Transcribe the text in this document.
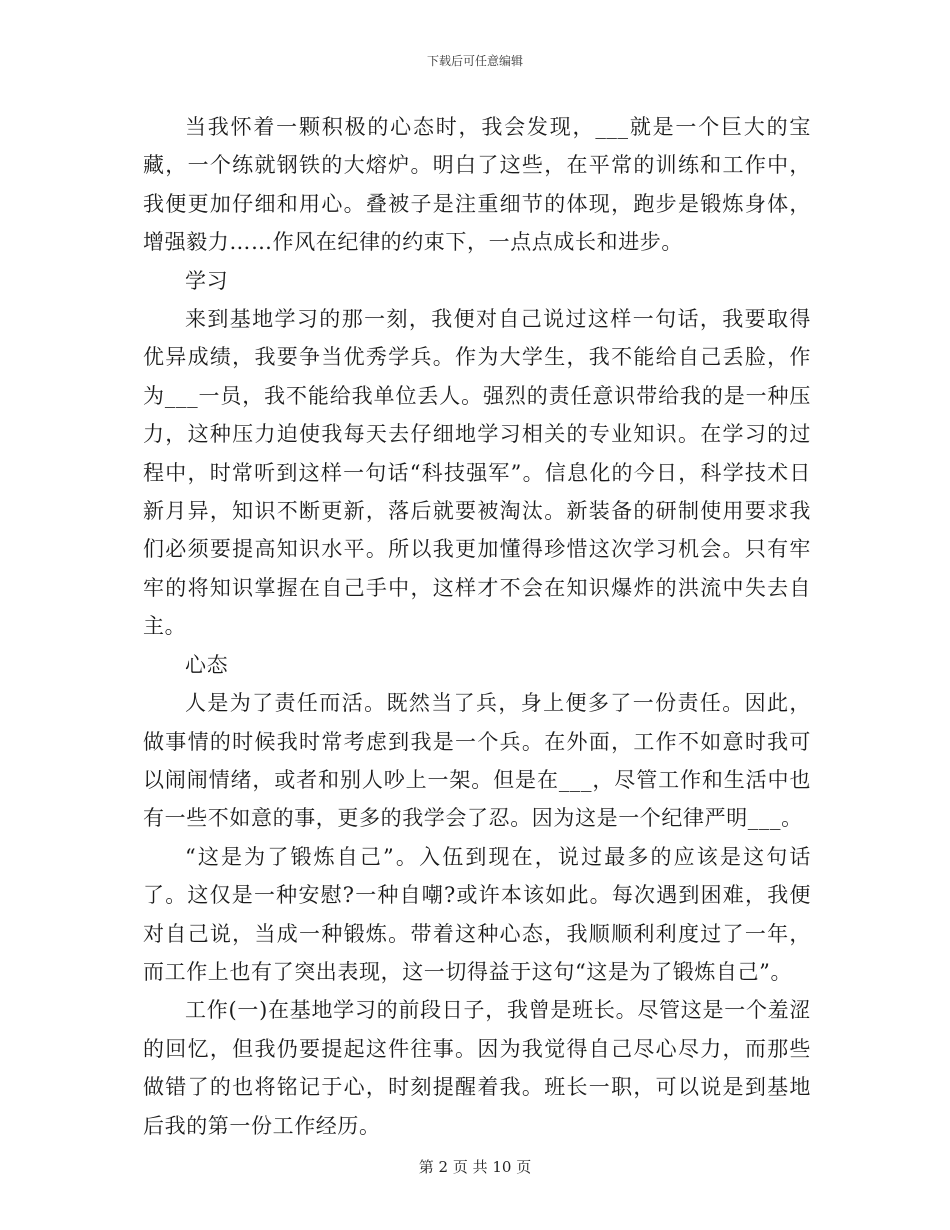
下载后可任意编辑

当我怀着一颗积极的心态时，我会发现，___就是一个巨大的宝藏，一个练就钢铁的大熔炉。明白了这些，在平常的训练和工作中，我便更加仔细和用心。叠被子是注重细节的体现，跑步是锻炼身体，增强毅力……作风在纪律的约束下，一点点成长和进步。

学习

来到基地学习的那一刻，我便对自己说过这样一句话，我要取得优异成绩，我要争当优秀学兵。作为大学生，我不能给自己丢脸，作为___一员，我不能给我单位丢人。强烈的责任意识带给我的是一种压力，这种压力迫使我每天去仔细地学习相关的专业知识。在学习的过程中，时常听到这样一句话“科技强军”。信息化的今日，科学技术日新月异，知识不断更新，落后就要被淘汰。新装备的研制使用要求我们必须要提高知识水平。所以我更加懂得珍惜这次学习机会。只有牢牢的将知识掌握在自己手中，这样才不会在知识爆炸的洪流中失去自主。

心态

人是为了责任而活。既然当了兵，身上便多了一份责任。因此，做事情的时候我时常考虑到我是一个兵。在外面，工作不如意时我可以闹闹情绪，或者和别人吵上一架。但是在___，尽管工作和生活中也有一些不如意的事，更多的我学会了忍。因为这是一个纪律严明___。

“这是为了锻炼自己”。入伍到现在，说过最多的应该是这句话了。这仅是一种安慰?一种自嘲?或许本该如此。每次遇到困难，我便对自己说，当成一种锻炼。带着这种心态，我顺顺利利度过了一年，而工作上也有了突出表现，这一切得益于这句“这是为了锻炼自己”。

工作(一)在基地学习的前段日子，我曾是班长。尽管这是一个羞涩的回忆，但我仍要提起这件往事。因为我觉得自己尽心尽力，而那些做错了的也将铭记于心，时刻提醒着我。班长一职，可以说是到基地后我的第一份工作经历。

第 2 页 共 10 页
